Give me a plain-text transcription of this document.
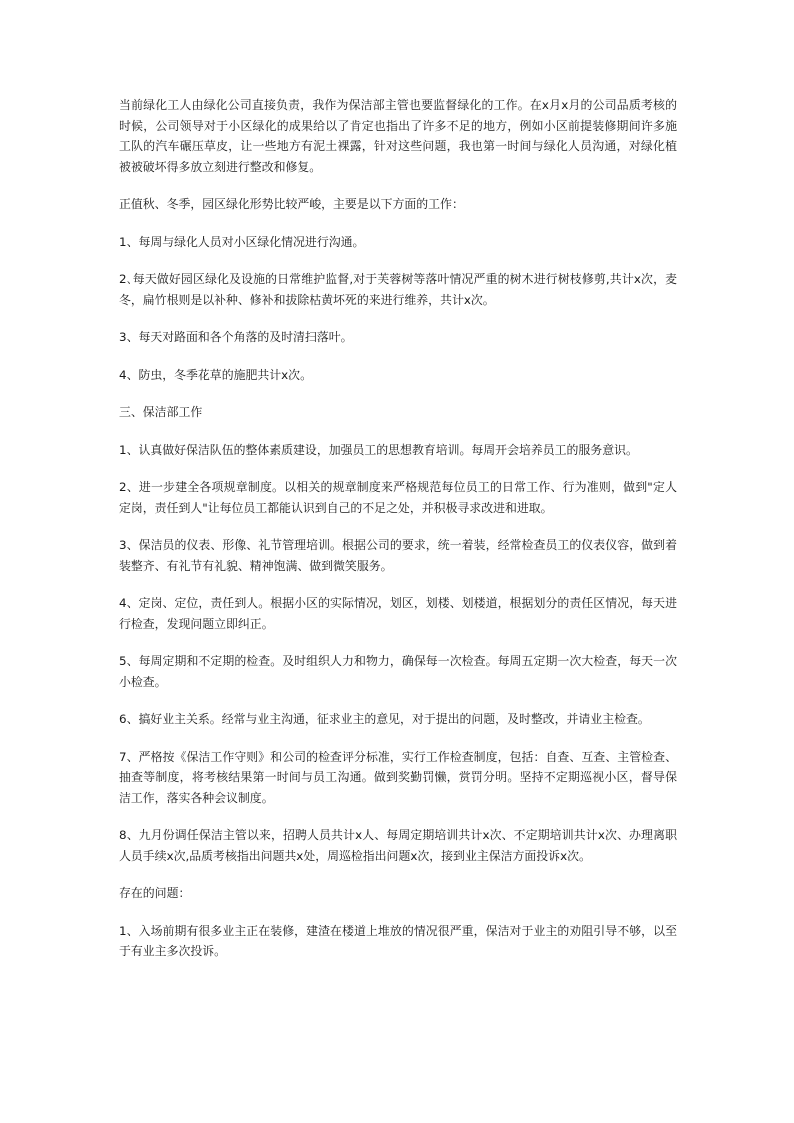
当前绿化工人由绿化公司直接负责，我作为保洁部主管也要监督绿化的工作。在x月x月的公司品质考核的时候，公司领导对于小区绿化的成果给以了肯定也指出了许多不足的地方，例如小区前提装修期间许多施工队的汽车碾压草皮，让一些地方有泥土裸露，针对这些问题，我也第一时间与绿化人员沟通，对绿化植被被破坏得多放立刻进行整改和修复。

正值秋、冬季，园区绿化形势比较严峻，主要是以下方面的工作：

1、每周与绿化人员对小区绿化情况进行沟通。

2､每天做好园区绿化及设施的日常维护监督,对于芙蓉树等落叶情况严重的树木进行树枝修剪,共计x次，麦冬，扁竹根则是以补种、修补和拔除枯黄坏死的来进行维养，共计x次。

3、每天对路面和各个角落的及时清扫落叶。

4、防虫，冬季花草的施肥共计x次。

三、保洁部工作

1、认真做好保洁队伍的整体素质建设，加强员工的思想教育培训。每周开会培养员工的服务意识。

2、进一步建全各项规章制度。以相关的规章制度来严格规范每位员工的日常工作、行为准则，做到"定人定岗，责任到人"让每位员工都能认识到自己的不足之处，并积极寻求改进和进取。

3、保洁员的仪表、形像、礼节管理培训。根据公司的要求，统一着装，经常检查员工的仪表仪容，做到着装整齐、有礼节有礼貌、精神饱满、做到微笑服务。

4、定岗、定位，责任到人。根据小区的实际情况，划区，划楼、划楼道，根据划分的责任区情况，每天进行检查，发现问题立即纠正。

5、每周定期和不定期的检查。及时组织人力和物力，确保每一次检查。每周五定期一次大检查，每天一次小检查。

6、搞好业主关系。经常与业主沟通，征求业主的意见，对于提出的问题，及时整改，并请业主检查。

7、严格按《保洁工作守则》和公司的检查评分标准，实行工作检查制度，包括：自查、互查、主管检查、抽查等制度，将考核结果第一时间与员工沟通。做到奖勤罚懒，赏罚分明。坚持不定期巡视小区，督导保洁工作，落实各种会议制度。

8、九月份调任保洁主管以来，招聘人员共计x人、每周定期培训共计x次、不定期培训共计x次、办理离职人员手续x次,品质考核指出问题共x处，周巡检指出问题x次，接到业主保洁方面投诉x次。

存在的问题：

1、入场前期有很多业主正在装修，建渣在楼道上堆放的情况很严重，保洁对于业主的劝阻引导不够，以至于有业主多次投诉。
